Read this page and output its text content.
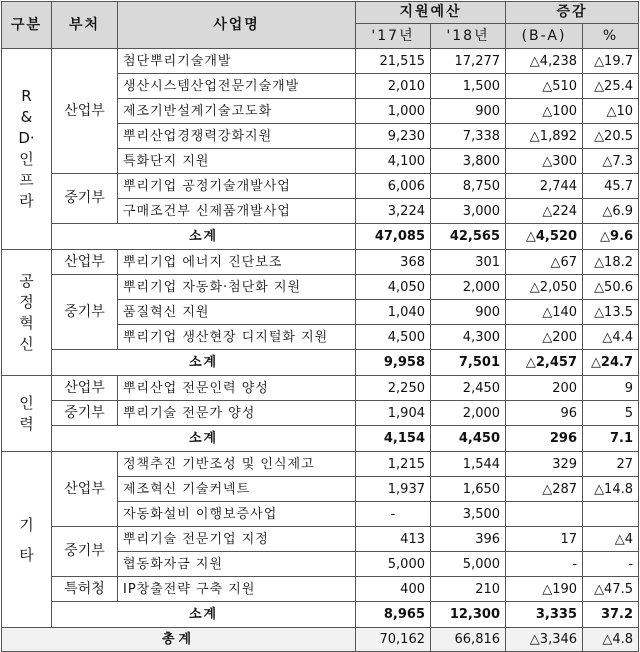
구분	부처	사업명	지원예산		증감	
			'17년	'18년	(B-A)	%
R&D·인프라	산업부	첨단뿌리기술개발	21,515	17,277	△4,238	△19.7
		생산시스템산업전문기술개발	2,010	1,500	△510	△25.4
		제조기반설계기술고도화	1,000	900	△100	△10
		뿌리산업경쟁력강화지원	9,230	7,338	△1,892	△20.5
		특화단지 지원	4,100	3,800	△300	△7.3
	중기부	뿌리기업 공정기술개발사업	6,006	8,750	2,744	45.7
		구매조건부 신제품개발사업	3,224	3,000	△224	△6.9
	소계		47,085	42,565	△4,520	△9.6
공정혁신	산업부	뿌리기업 에너지 진단보조	368	301	△67	△18.2
	중기부	뿌리기업 자동화·첨단화 지원	4,050	2,000	△2,050	△50.6
		품질혁신 지원	1,040	900	△140	△13.5
		뿌리기업 생산현장 디지털화 지원	4,500	4,300	△200	△4.4
	소계		9,958	7,501	△2,457	△24.7
인력	산업부	뿌리산업 전문인력 양성	2,250	2,450	200	9
	중기부	뿌리기술 전문가 양성	1,904	2,000	96	5
	소계		4,154	4,450	296	7.1
기타	산업부	정책추진 기반조성 및 인식제고	1,215	1,544	329	27
		제조혁신 기술커넥트	1,937	1,650	△287	△14.8
		자동화설비 이행보증사업	-	3,500		
	중기부	뿌리기술 전문기업 지정	413	396	17	△4
		협동화자금 지원	5,000	5,000	-	-
	특허청	IP창출전략 구축 지원	400	210	△190	△47.5
	소계		8,965	12,300	3,335	37.2
총계			70,162	66,816	△3,346	△4.8
